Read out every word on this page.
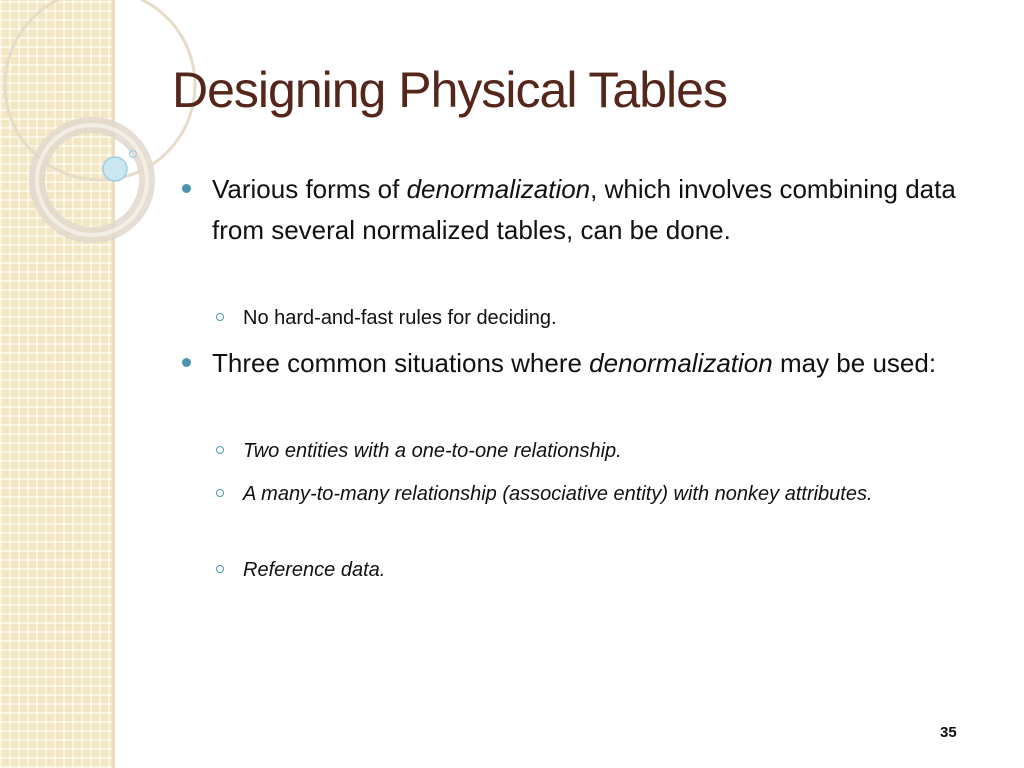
Designing Physical Tables
Various forms of denormalization, which involves combining data from several normalized tables, can be done.
No hard-and-fast rules for deciding.
Three common situations where denormalization may be used:
Two entities with a one-to-one relationship.
A many-to-many relationship (associative entity) with nonkey attributes.
Reference data.
35
